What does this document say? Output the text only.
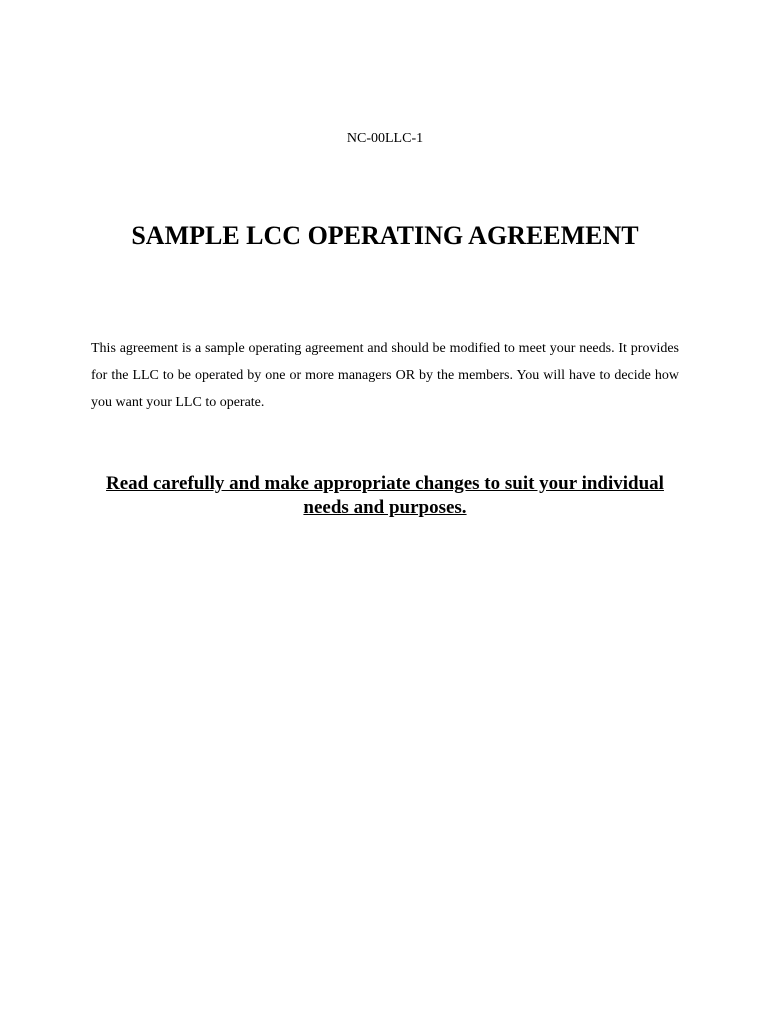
NC-00LLC-1
SAMPLE LCC OPERATING AGREEMENT

This agreement is a sample operating agreement and should be modified to meet your needs. It provides for the LLC to be operated by one or more managers OR by the members. You will have to decide how you want your LLC to operate.

Read carefully and make appropriate changes to suit your individual needs and purposes.
